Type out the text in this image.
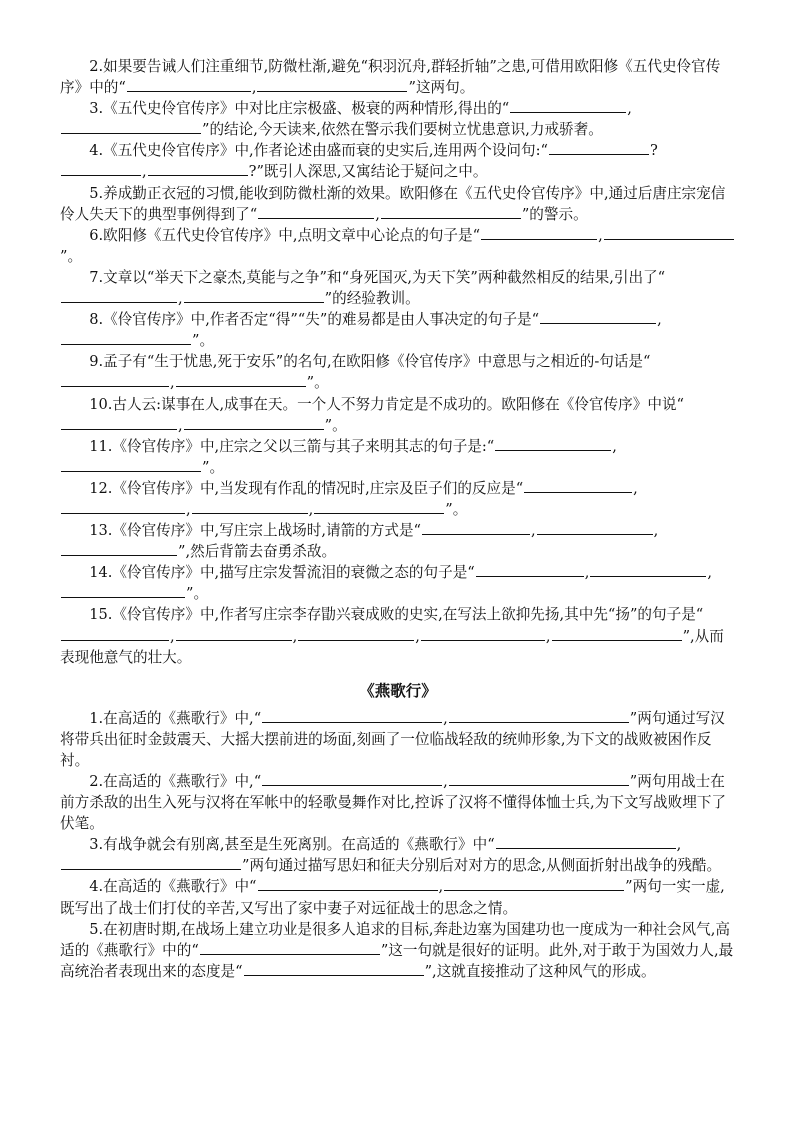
2.如果要告诫人们注重细节,防微杜渐,避免“积羽沉舟,群轻折轴”之患,可借用欧阳修《五代史伶官传序》中的“	,	”这两句。

3.《五代史伶官传序》中对比庄宗极盛、极衰的两种情形,得出的“	,”的结论,今天读来,依然在警示我们要树立忧患意识,力戒骄奢。

4.《五代史伶官传序》中,作者论述由盛而衰的史实后,连用两个设问句:“	?,	?”既引人深思,又寓结论于疑问之中。

5.养成勤正衣冠的习惯,能收到防微杜渐的效果。欧阳修在《五代史伶官传序》中,通过后唐庄宗宠信伶人失天下的典型事例得到了“	,	”的警示。

6.欧阳修《五代史伶官传序》中,点明文章中心论点的句子是“	,”。

7.文章以“举天下之豪杰,莫能与之争”和“身死国灭,为天下笑”两种截然相反的结果,引出了“,	”的经验教训。

8.《伶官传序》中,作者否定“得”“失”的难易都是由人事决定的句子是“	,”。

9.孟子有“生于忧患,死于安乐”的名句,在欧阳修《伶官传序》中意思与之相近的-句话是“,	”。

10.古人云:谋事在人,成事在天。一个人不努力肯定是不成功的。欧阳修在《伶官传序》中说“,	”。

11.《伶官传序》中,庄宗之父以三箭与其子来明其志的句子是:“	,”。

12.《伶官传序》中,当发现有作乱的情况时,庄宗及臣子们的反应是“	,,	,	”。

13.《伶官传序》中,写庄宗上战场时,请箭的方式是“	,	,”,然后背箭去奋勇杀敌。

14.《伶官传序》中,描写庄宗发誓流泪的衰微之态的句子是“	,	,”。

15.《伶官传序》中,作者写庄宗李存勖兴衰成败的史实,在写法上欲抑先扬,其中先“扬”的句子是“,	,	,	,	”,从而表现他意气的壮大。

《燕歌行》

1.在高适的《燕歌行》中,“	,	”两句通过写汉将带兵出征时金鼓震天、大摇大摆前进的场面,刻画了一位临战轻敌的统帅形象,为下文的战败被困作反衬。

2.在高适的《燕歌行》中,“	,	”两句用战士在前方杀敌的出生入死与汉将在军帐中的轻歌曼舞作对比,控诉了汉将不懂得体恤士兵,为下文写战败埋下了伏笔。

3.有战争就会有别离,甚至是生死离别。在高适的《燕歌行》中“	,”两句通过描写思妇和征夫分别后对对方的思念,从侧面折射出战争的残酷。

4.在高适的《燕歌行》中“	,	”两句一实一虚,既写出了战士们打仗的辛苦,又写出了家中妻子对远征战士的思念之情。

5.在初唐时期,在战场上建立功业是很多人追求的目标,奔赴边塞为国建功也一度成为一种社会风气,高适的《燕歌行》中的“	”这一句就是很好的证明。此外,对于敢于为国效力人,最高统治者表现出来的态度是“	”,这就直接推动了这种风气的形成。
